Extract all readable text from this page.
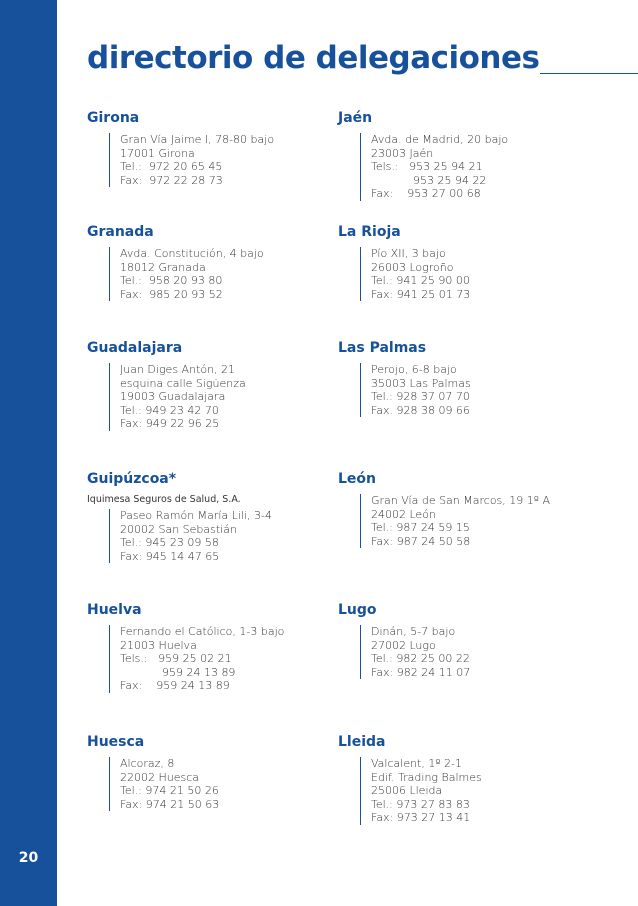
20
directorio de delegaciones
Girona
Gran Vía Jaime I, 78-80 bajo
17001 Girona
Tel.:  972 20 65 45
Fax:  972 22 28 73
Jaén
Avda. de Madrid, 20 bajo
23003 Jaén
Tels.:   953 25 94 21
953 25 94 22
Fax:    953 27 00 68
Granada
Avda. Constitución, 4 bajo
18012 Granada
Tel.:  958 20 93 80
Fax:  985 20 93 52
La Rioja
Pío XII, 3 bajo
26003 Logroño
Tel.: 941 25 90 00
Fax: 941 25 01 73
Guadalajara
Juan Diges Antón, 21
esquina calle Sigüenza
19003 Guadalajara
Tel.: 949 23 42 70
Fax: 949 22 96 25
Las Palmas
Perojo, 6-8 bajo
35003 Las Palmas
Tel.: 928 37 07 70
Fax. 928 38 09 66
Guipúzcoa*
Iquimesa Seguros de Salud, S.A.
Paseo Ramón María Lili, 3-4
20002 San Sebastián
Tel.: 945 23 09 58
Fax: 945 14 47 65
León
Gran Vía de San Marcos, 19 1º A
24002 León
Tel.: 987 24 59 15
Fax: 987 24 50 58
Huelva
Fernando el Católico, 1-3 bajo
21003 Huelva
Tels.:   959 25 02 21
959 24 13 89
Fax:    959 24 13 89
Lugo
Dinán, 5-7 bajo
27002 Lugo
Tel.: 982 25 00 22
Fax: 982 24 11 07
Huesca
Alcoraz, 8
22002 Huesca
Tel.: 974 21 50 26
Fax: 974 21 50 63
Lleida
Valcalent, 1º 2-1
Edif. Trading Balmes
25006 Lleida
Tel.: 973 27 83 83
Fax: 973 27 13 41
